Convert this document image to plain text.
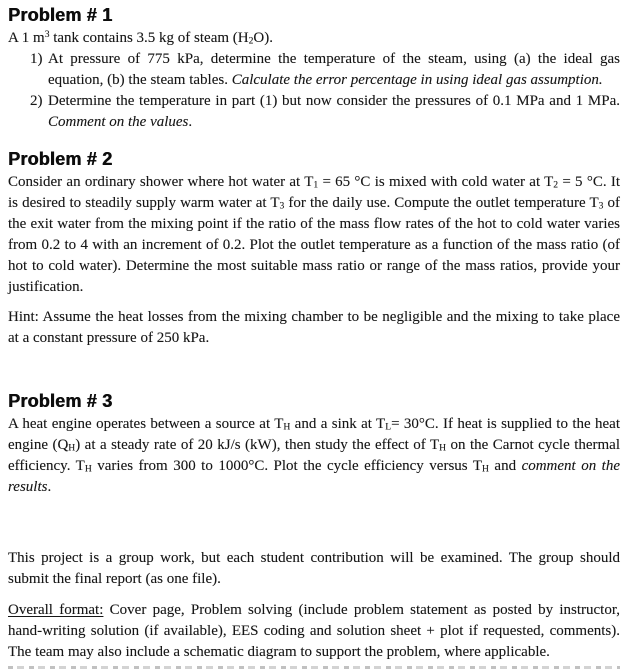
Problem # 1

A 1 $m^3$ tank contains 3.5 kg of steam $(H_2O)$.

1) At pressure of 775 kPa, determine the temperature of the steam, using (a) the ideal gas equation, (b) the steam tables. Calculate the error percentage in using ideal gas assumption.
2) Determine the temperature in part (1) but now consider the pressures of 0.1 MPa and 1 MPa. Comment on the values.
Problem # 2

Consider an ordinary shower where hot water at $T_1 = 65$ °C is mixed with cold water at $T_2 = 5$ °C. It is desired to steadily supply warm water at $T_3$ for the daily use. Compute the outlet temperature $T_3$ of the exit water from the mixing point if the ratio of the mass flow rates of the hot to cold water varies from 0.2 to 4 with an increment of 0.2. Plot the outlet temperature as a function of the mass ratio (of hot to cold water). Determine the most suitable mass ratio or range of the mass ratios, provide your justification.

Hint: Assume the heat losses from the mixing chamber to be negligible and the mixing to take place at a constant pressure of 250 kPa.

Problem # 3

A heat engine operates between a source at $T_H$ and a sink at $T_L= 30^\circ C$. If heat is supplied to the heat engine $(Q_H)$ at a steady rate of 20 kJ/s (kW), then study the effect of $T_H$ on the Carnot cycle thermal efficiency. $T_H$ varies from 300 to 1000°C. Plot the cycle efficiency versus $T_H$ and comment on the results.

This project is a group work, but each student contribution will be examined. The group should submit the final report (as one file).

Overall format: Cover page, Problem solving (include problem statement as posted by instructor, hand-writing solution (if available), EES coding and solution sheet + plot if requested, comments). The team may also include a schematic diagram to support the problem, where applicable.
